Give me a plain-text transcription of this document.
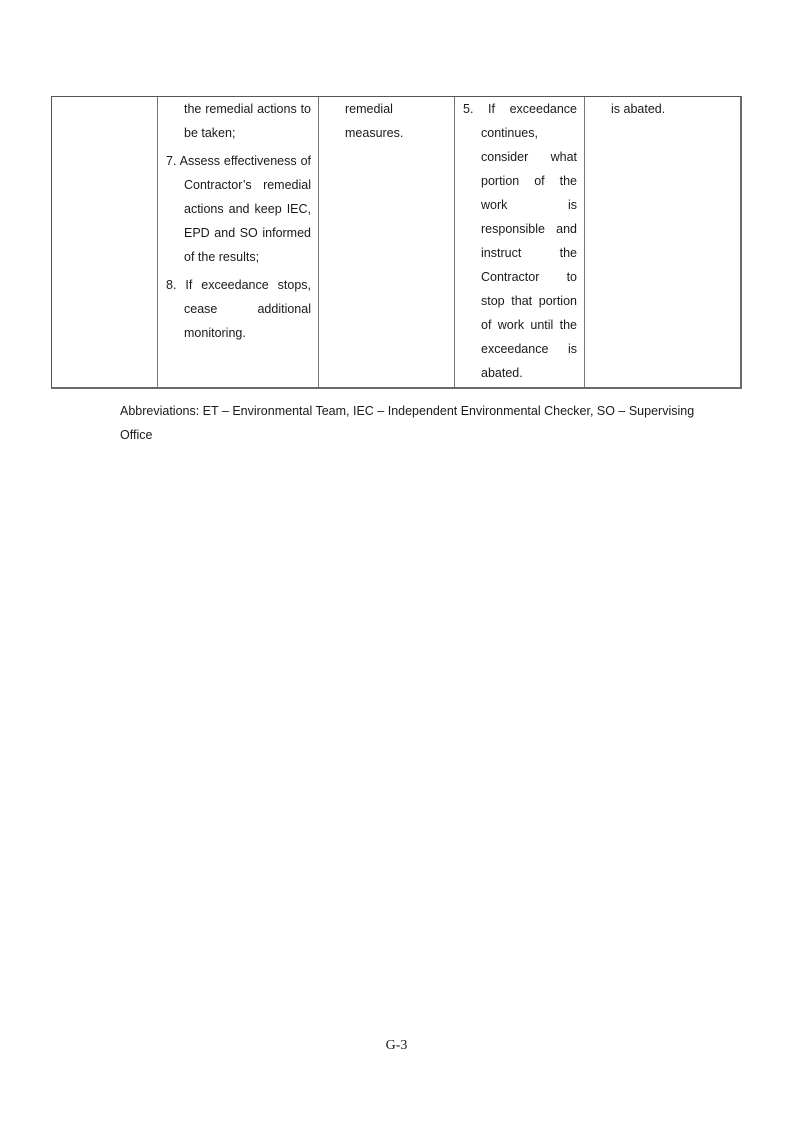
the remedial actions to be taken;

7. Assess effectiveness of Contractor’s remedial actions and keep IEC, EPD and SO informed of the results;

8. If exceedance stops, cease additional monitoring.

remedial measures.

5. If exceedance continues, consider what portion of the work is responsible and instruct the Contractor to stop that portion of work until the exceedance is abated.

is abated.

Abbreviations: ET – Environmental Team, IEC – Independent Environmental Checker, SO – Supervising Office

G-3
